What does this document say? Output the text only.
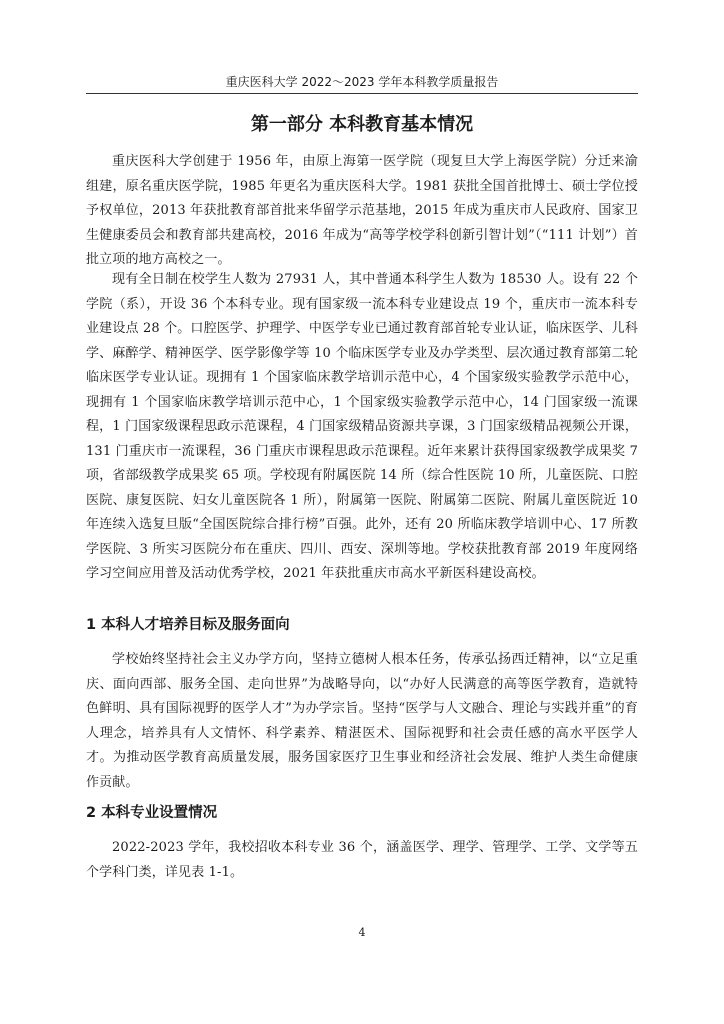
重庆医科大学 2022～2023 学年本科教学质量报告
第一部分 本科教育基本情况
重庆医科大学创建于 1956 年，由原上海第一医学院（现复旦大学上海医学院）分迁来渝组建，原名重庆医学院，1985 年更名为重庆医科大学。1981 获批全国首批博士、硕士学位授予权单位，2013 年获批教育部首批来华留学示范基地，2015 年成为重庆市人民政府、国家卫生健康委员会和教育部共建高校，2016 年成为“高等学校学科创新引智计划”（“111 计划”）首批立项的地方高校之一。
现有全日制在校学生人数为 27931 人，其中普通本科学生人数为 18530 人。设有 22 个学院（系），开设 36 个本科专业。现有国家级一流本科专业建设点 19 个，重庆市一流本科专业建设点 28 个。口腔医学、护理学、中医学专业已通过教育部首轮专业认证，临床医学、儿科学、麻醉学、精神医学、医学影像学等 10 个临床医学专业及办学类型、层次通过教育部第二轮临床医学专业认证。现拥有 1 个国家临床教学培训示范中心，4 个国家级实验教学示范中心，现拥有 1 个国家临床教学培训示范中心，1 个国家级实验教学示范中心，14 门国家级一流课程，1 门国家级课程思政示范课程，4 门国家级精品资源共享课，3 门国家级精品视频公开课，131 门重庆市一流课程，36 门重庆市课程思政示范课程。近年来累计获得国家级教学成果奖 7 项，省部级教学成果奖 65 项。学校现有附属医院 14 所（综合性医院 10 所，儿童医院、口腔医院、康复医院、妇女儿童医院各 1 所），附属第一医院、附属第二医院、附属儿童医院近 10 年连续入选复旦版“全国医院综合排行榜”百强。此外，还有 20 所临床教学培训中心、17 所教学医院、3 所实习医院分布在重庆、四川、西安、深圳等地。学校获批教育部 2019 年度网络学习空间应用普及活动优秀学校，2021 年获批重庆市高水平新医科建设高校。
1 本科人才培养目标及服务面向
学校始终坚持社会主义办学方向，坚持立德树人根本任务，传承弘扬西迁精神，以“立足重庆、面向西部、服务全国、走向世界”为战略导向，以“办好人民满意的高等医学教育，造就特色鲜明、具有国际视野的医学人才”为办学宗旨。坚持“医学与人文融合、理论与实践并重”的育人理念，培养具有人文情怀、科学素养、精湛医术、国际视野和社会责任感的高水平医学人才。为推动医学教育高质量发展，服务国家医疗卫生事业和经济社会发展、维护人类生命健康作贡献。
2 本科专业设置情况
2022-2023 学年，我校招收本科专业 36 个，涵盖医学、理学、管理学、工学、文学等五个学科门类，详见表 1-1。
4
